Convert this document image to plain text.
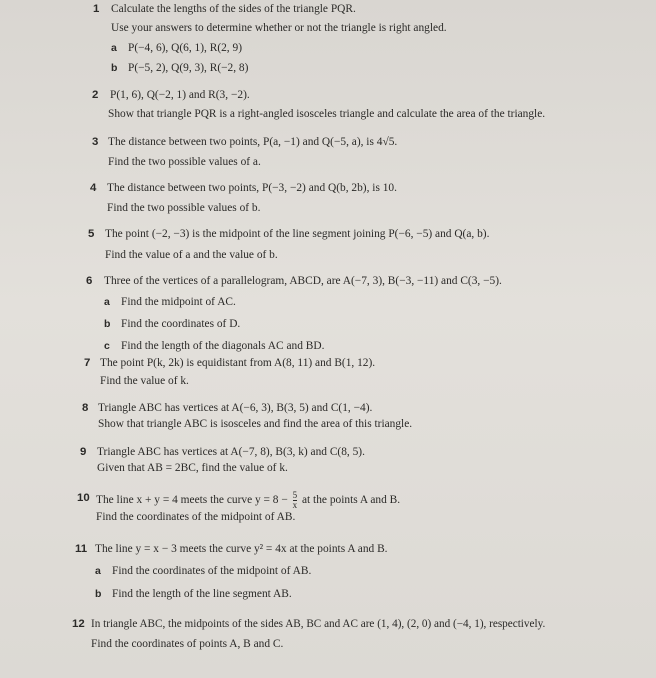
1 Calculate the lengths of the sides of the triangle PQR.
Use your answers to determine whether or not the triangle is right angled.
a P(−4, 6), Q(6, 1), R(2, 9)
b P(−5, 2), Q(9, 3), R(−2, 8)
2 P(1, 6), Q(−2, 1) and R(3, −2).
Show that triangle PQR is a right-angled isosceles triangle and calculate the area of the triangle.
3 The distance between two points, P(a, −1) and Q(−5, a), is 4√5.
Find the two possible values of a.
4 The distance between two points, P(−3, −2) and Q(b, 2b), is 10.
Find the two possible values of b.
5 The point (−2, −3) is the midpoint of the line segment joining P(−6, −5) and Q(a, b).
Find the value of a and the value of b.
6 Three of the vertices of a parallelogram, ABCD, are A(−7, 3), B(−3, −11) and C(3, −5).
a Find the midpoint of AC.
b Find the coordinates of D.
c Find the length of the diagonals AC and BD.
7 The point P(k, 2k) is equidistant from A(8, 11) and B(1, 12).
Find the value of k.
8 Triangle ABC has vertices at A(−6, 3), B(3, 5) and C(1, −4).
Show that triangle ABC is isosceles and find the area of this triangle.
9 Triangle ABC has vertices at A(−7, 8), B(3, k) and C(8, 5).
Given that AB = 2BC, find the value of k.
10 The line x + y = 4 meets the curve $y = 8 - \frac{5}{x}$ at the points A and B.
Find the coordinates of the midpoint of AB.
11 The line y = x − 3 meets the curve y² = 4x at the points A and B.
a Find the coordinates of the midpoint of AB.
b Find the length of the line segment AB.
12 In triangle ABC, the midpoints of the sides AB, BC and AC are (1, 4), (2, 0) and (−4, 1), respectively.
Find the coordinates of points A, B and C.
